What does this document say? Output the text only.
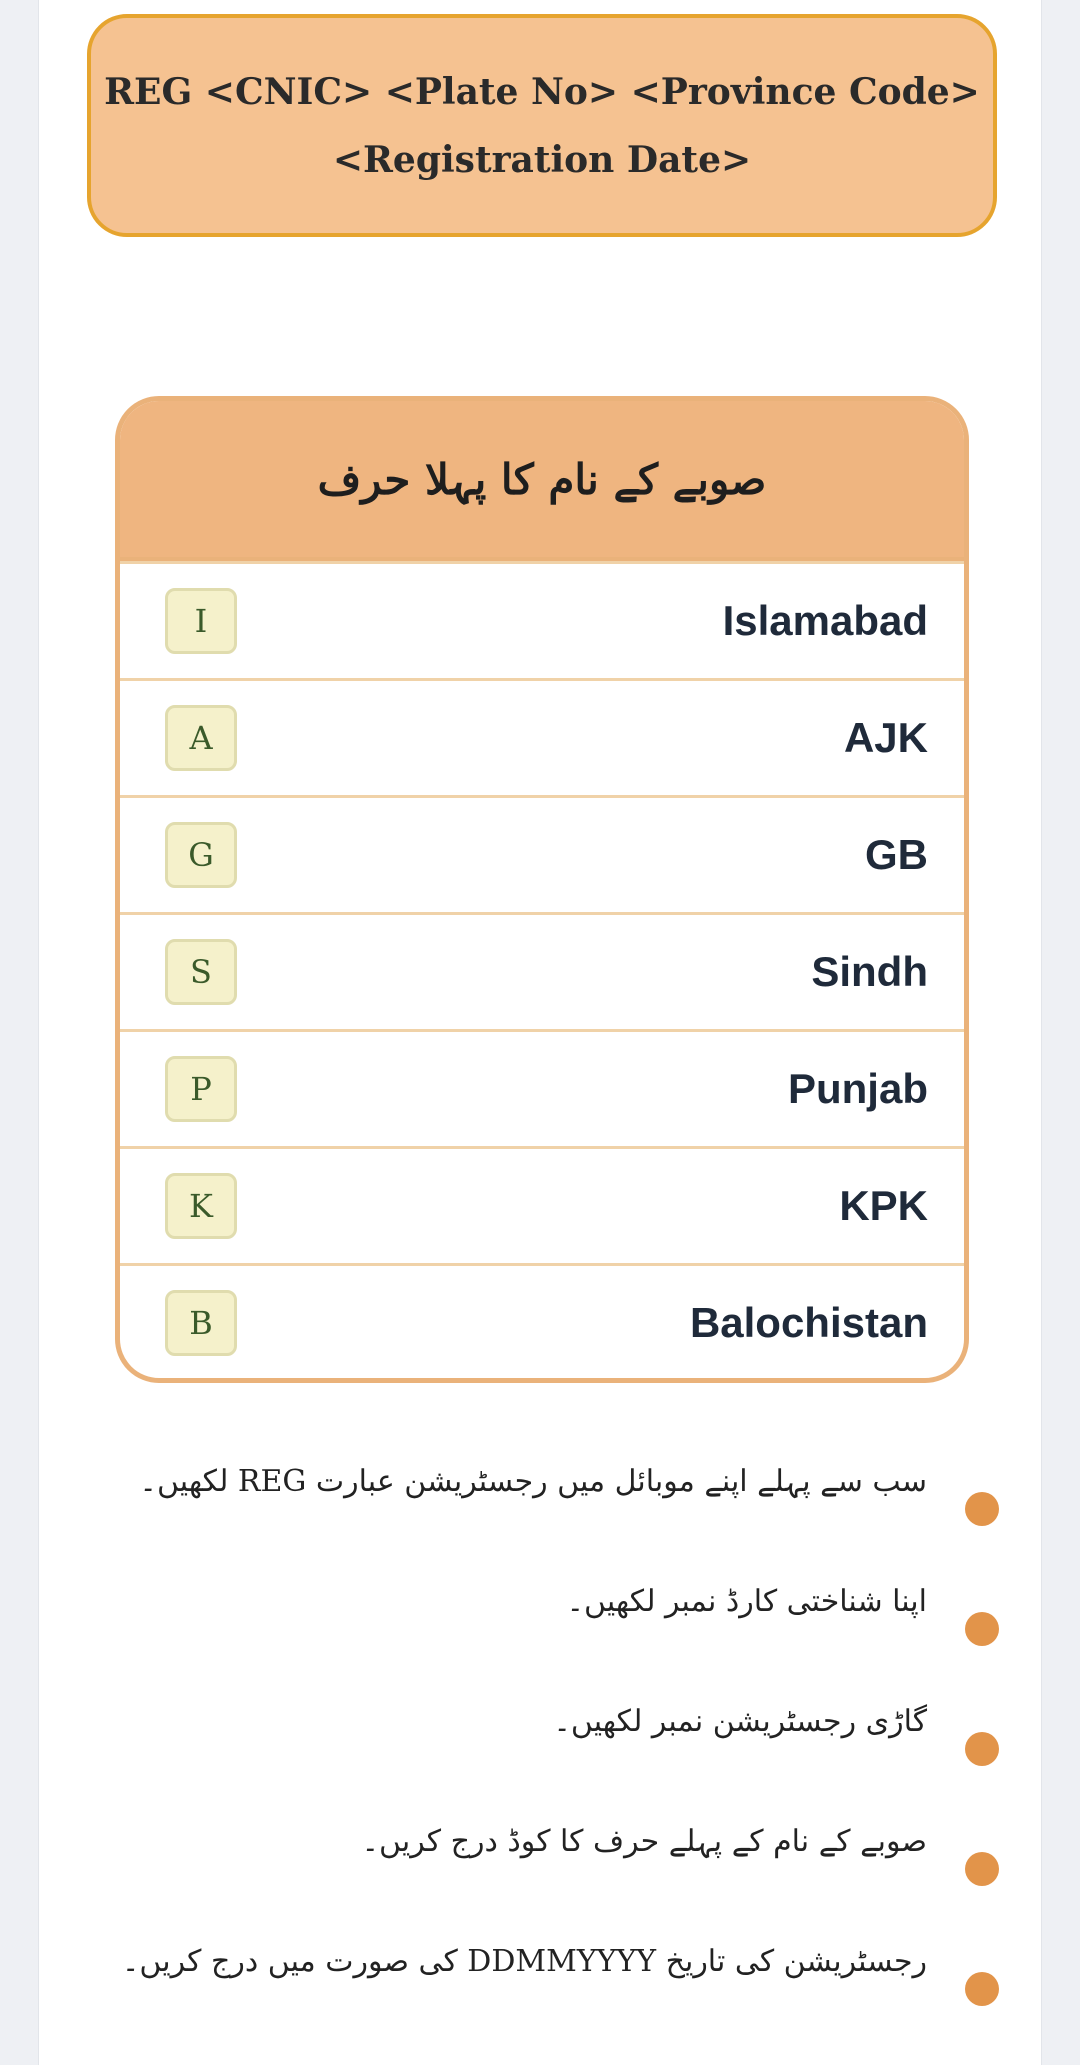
REG <CNIC> <Plate No> <Province Code>
<Registration Date>
صوبے کے نام کا پہلا حرف
I	Islamabad
A	AJK
G	GB
S	Sindh
P	Punjab
K	KPK
B	Balochistan
سب سے پہلے اپنے موبائل میں رجسٹریشن عبارت REG لکھیں۔
اپنا شناختی کارڈ نمبر لکھیں۔
گاڑی رجسٹریشن نمبر لکھیں۔
صوبے کے نام کے پہلے حرف کا کوڈ درج کریں۔
رجسٹریشن کی تاریخ DDMMYYYY کی صورت میں درج کریں۔
